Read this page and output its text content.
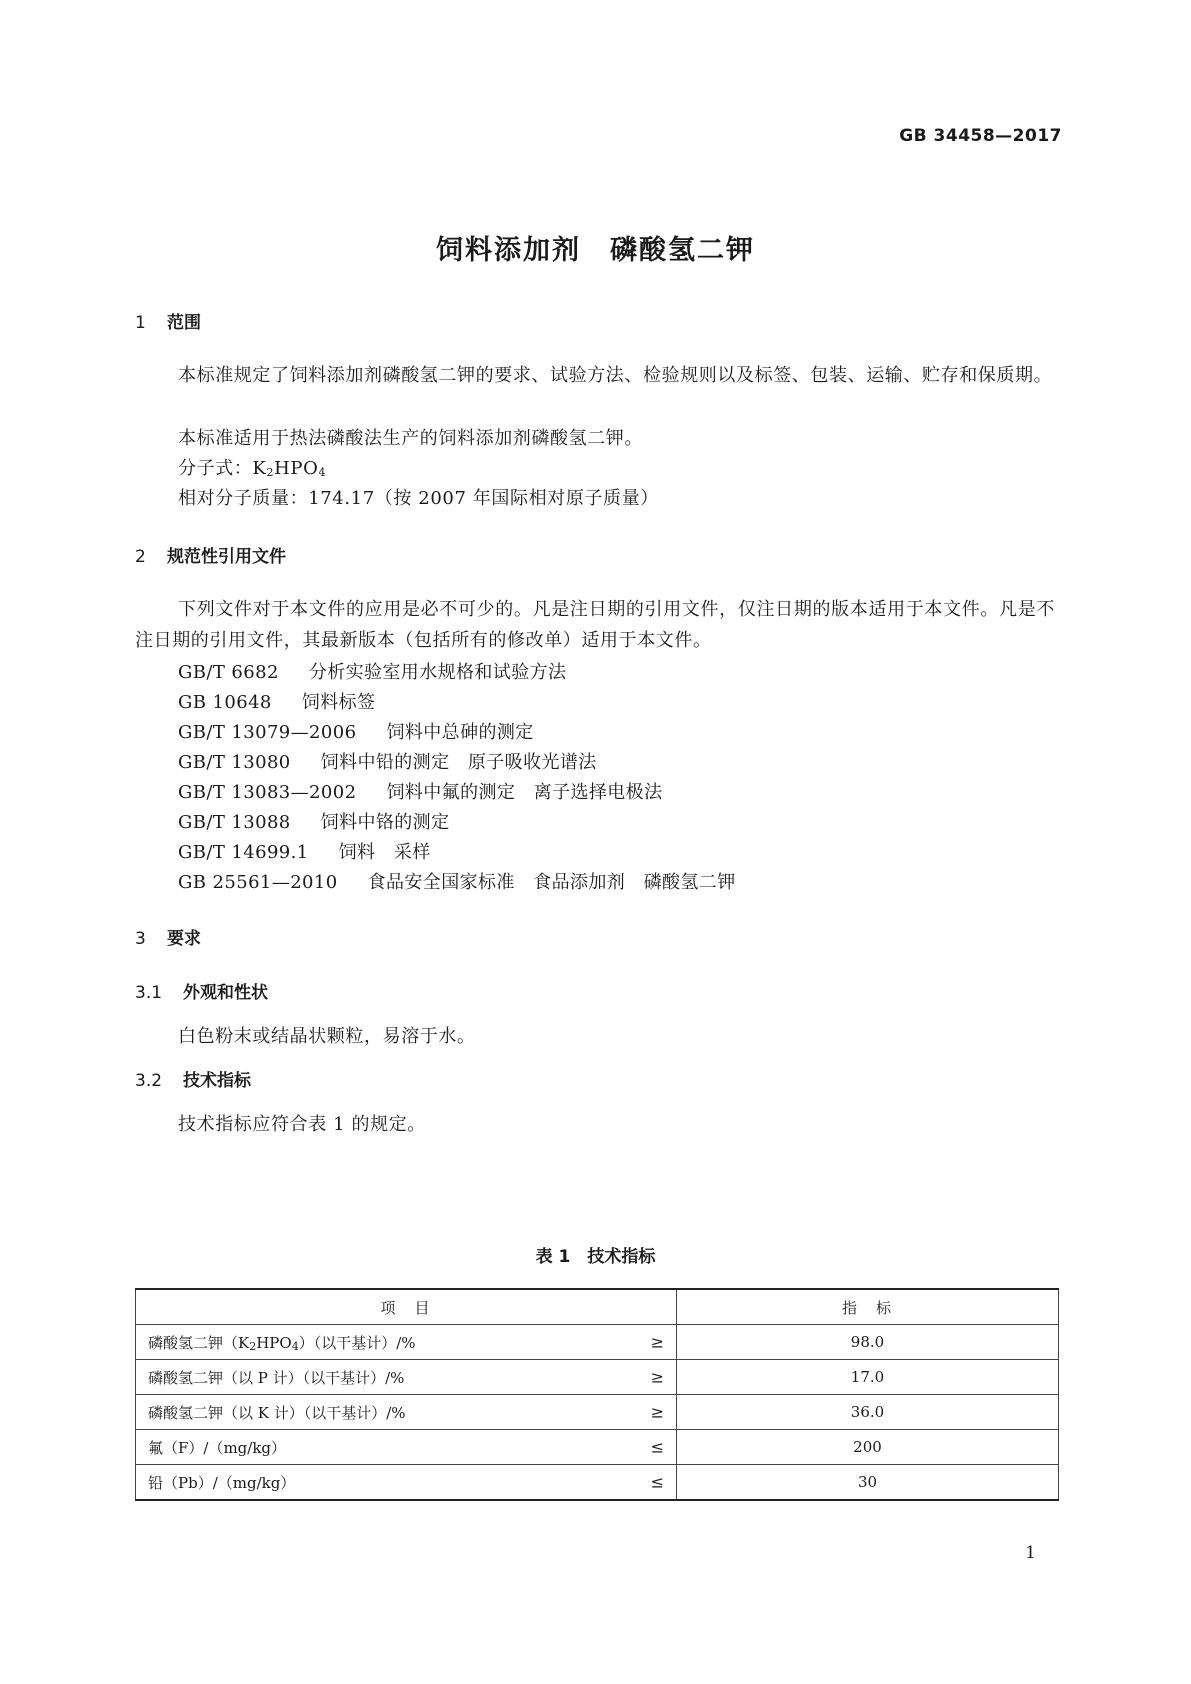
GB 34458—2017
饲料添加剂　磷酸氢二钾
1 范围
本标准规定了饲料添加剂磷酸氢二钾的要求、试验方法、检验规则以及标签、包装、运输、贮存和保质期。
本标准适用于热法磷酸法生产的饲料添加剂磷酸氢二钾。
分子式：$K_2HPO_4$
相对分子质量：174.17（按 2007 年国际相对原子质量）
2 规范性引用文件
下列文件对于本文件的应用是必不可少的。凡是注日期的引用文件，仅注日期的版本适用于本文件。凡是不注日期的引用文件，其最新版本（包括所有的修改单）适用于本文件。
GB/T 6682 分析实验室用水规格和试验方法
GB 10648 饲料标签
GB/T 13079—2006 饲料中总砷的测定
GB/T 13080 饲料中铅的测定　原子吸收光谱法
GB/T 13083—2002 饲料中氟的测定　离子选择电极法
GB/T 13088 饲料中铬的测定
GB/T 14699.1 饲料　采样
GB 25561—2010 食品安全国家标准　食品添加剂　磷酸氢二钾
3 要求
3.1 外观和性状
白色粉末或结晶状颗粒，易溶于水。
3.2 技术指标
技术指标应符合表 1 的规定。
表 1　技术指标
项　目	指　标
磷酸氢二钾$(K_2HPO_4)$（以干基计）/% ≥	98.0
磷酸氢二钾（以 P 计）（以干基计）/% ≥	17.0
磷酸氢二钾（以 K 计）（以干基计）/% ≥	36.0
氟（F）/（mg/kg） ≤	200
铅（Pb）/（mg/kg） ≤	30
1
